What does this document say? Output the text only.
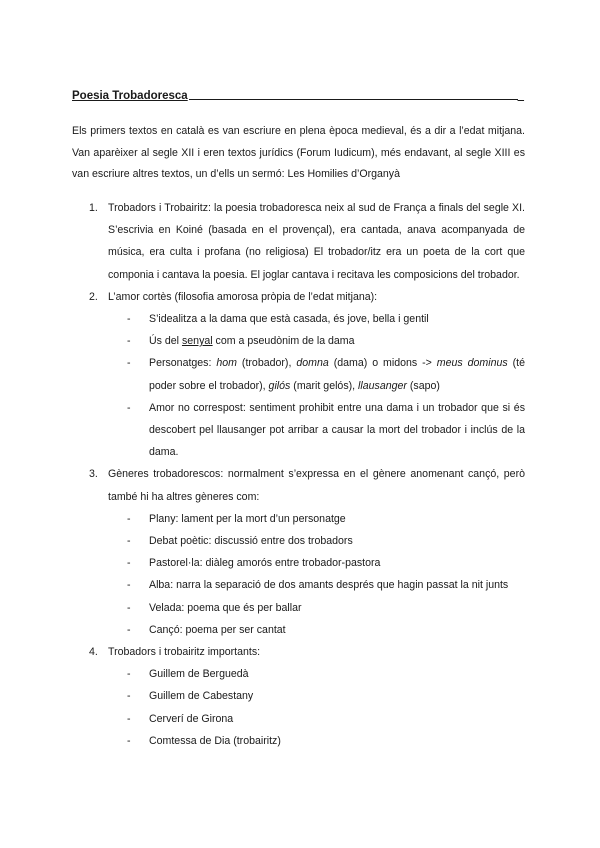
Poesia Trobadoresca	_
Els primers textos en català es van escriure en plena època medieval, és a dir a l’edat mitjana. Van aparèixer al segle XII i eren textos jurídics (Forum Iudicum), més endavant, al segle XIII es van escriure altres textos, un d’ells un sermó: Les Homilies d’Organyà
1. Trobadors i Trobairitz: la poesia trobadoresca neix al sud de França a finals del segle XI. S’escrivia en Koiné (basada en el provençal), era cantada, anava acompanyada de música, era culta i profana (no religiosa) El trobador/itz era un poeta de la cort que componia i cantava la poesia. El joglar cantava i recitava les composicions del trobador.
2. L’amor cortès (filosofia amorosa pròpia de l’edat mitjana):
-	S’idealitza a la dama que està casada, és jove, bella i gentil
-	Ús del senyal com a pseudònim de la dama
-	Personatges: hom (trobador), domna (dama) o midons -> meus dominus (té poder sobre el trobador), gilós (marit gelós), llausanger (sapo)
-	Amor no correspost: sentiment prohibit entre una dama i un trobador que si és descobert pel llausanger pot arribar a causar la mort del trobador i inclús de la dama.
3. Gèneres trobadorescos: normalment s’expressa en el gènere anomenant cançó, però també hi ha altres gèneres com:
-	Plany: lament per la mort d’un personatge
-	Debat poètic: discussió entre dos trobadors
-	Pastorel·la: diàleg amorós entre trobador-pastora
-	Alba: narra la separació de dos amants després que hagin passat la nit junts
-	Velada: poema que és per ballar
-	Cançó: poema per ser cantat
4. Trobadors i trobairitz importants:
-	Guillem de Berguedà
-	Guillem de Cabestany
-	Cerverí de Girona
-	Comtessa de Dia (trobairitz)
